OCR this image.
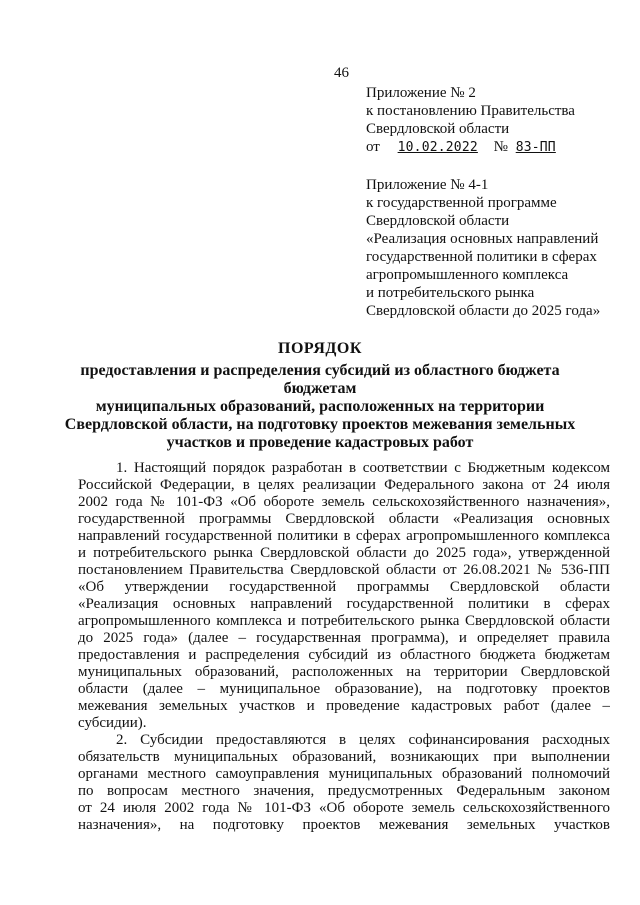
46
Приложение № 2
к постановлению Правительства
Свердловской области
от 10.02.2022 № 83-ПП
Приложение № 4-1
к государственной программе
Свердловской области
«Реализация основных направлений
государственной политики в сферах
агропромышленного комплекса
и потребительского рынка
Свердловской области до 2025 года»
ПОРЯДОК
предоставления и распределения субсидий из областного бюджета бюджетам
муниципальных образований, расположенных на территории
Свердловской области, на подготовку проектов межевания земельных
участков и проведение кадастровых работ
1. Настоящий порядок разработан в соответствии с Бюджетным кодексом
Российской Федерации, в целях реализации Федерального закона от 24 июля
2002 года № 101-ФЗ «Об обороте земель сельскохозяйственного назначения»,
государственной программы Свердловской области «Реализация основных
направлений государственной политики в сферах агропромышленного комплекса
и потребительского рынка Свердловской области до 2025 года», утвержденной
постановлением Правительства Свердловской области от 26.08.2021 № 536-ПП
«Об утверждении государственной программы Свердловской области
«Реализация основных направлений государственной политики в сферах
агропромышленного комплекса и потребительского рынка Свердловской области
до 2025 года» (далее – государственная программа), и определяет правила
предоставления и распределения субсидий из областного бюджета бюджетам
муниципальных образований, расположенных на территории Свердловской
области (далее – муниципальное образование), на подготовку проектов
межевания земельных участков и проведение кадастровых работ (далее –
субсидии).
2. Субсидии предоставляются в целях софинансирования расходных
обязательств муниципальных образований, возникающих при выполнении
органами местного самоуправления муниципальных образований полномочий
по вопросам местного значения, предусмотренных Федеральным законом
от 24 июля 2002 года № 101-ФЗ «Об обороте земель сельскохозяйственного
назначения», на подготовку проектов межевания земельных участков
